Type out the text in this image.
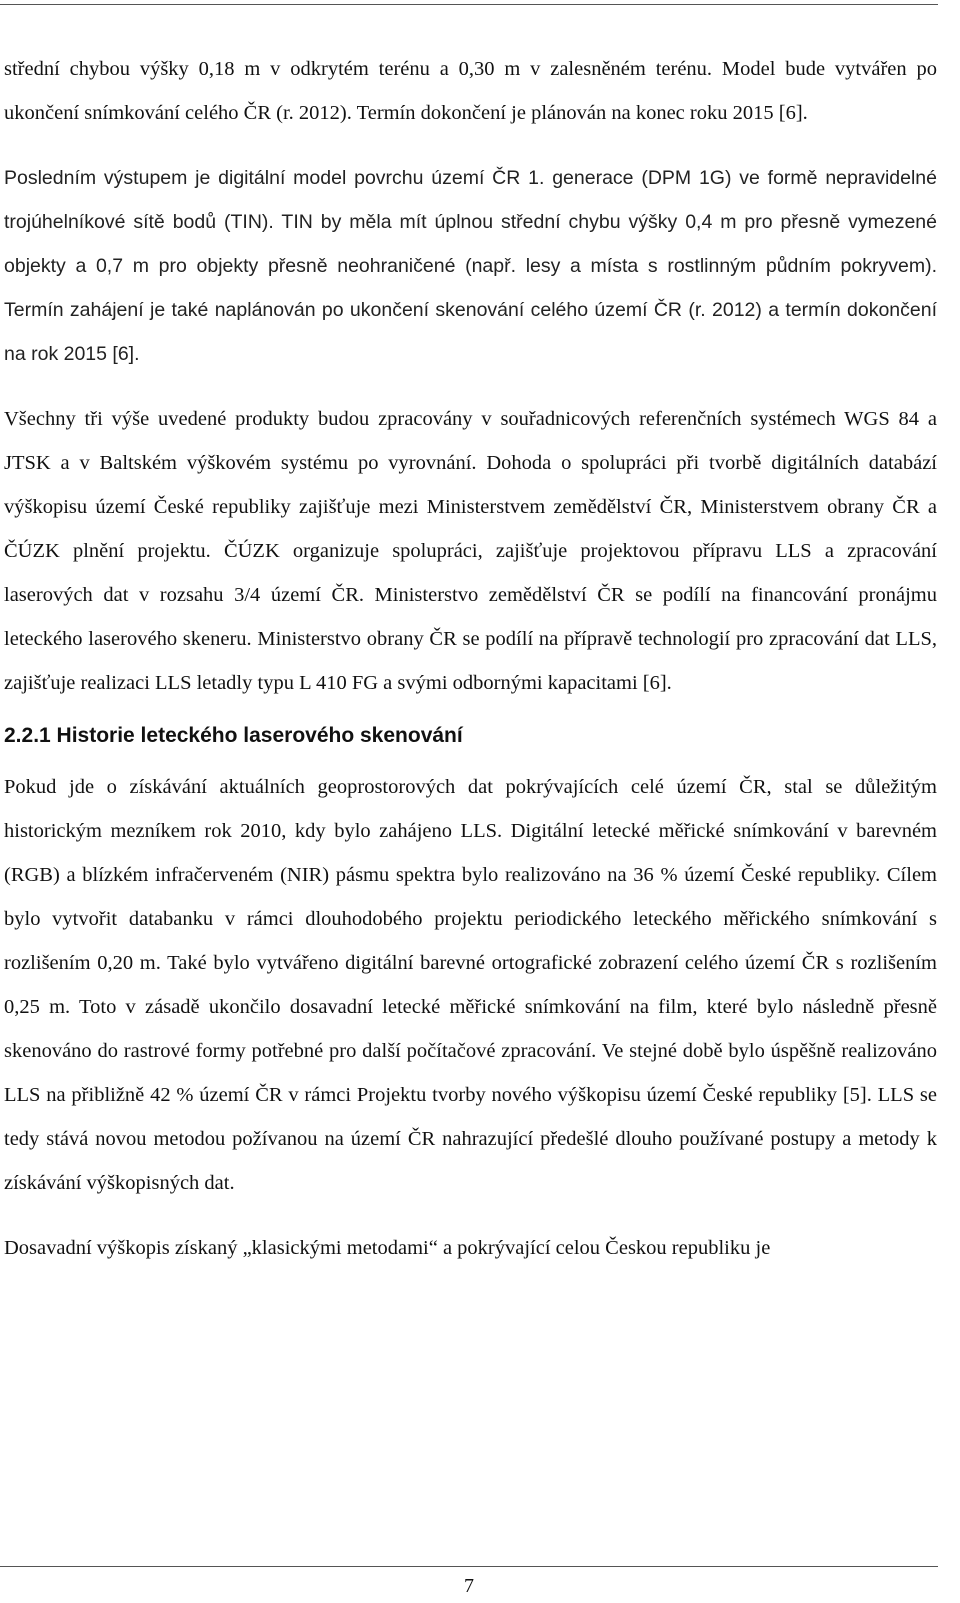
střední chybou výšky 0,18 m v odkrytém terénu a 0,30 m v zalesněném terénu. Model bude vytvářen po ukončení snímkování celého ČR (r. 2012). Termín dokončení je plánován na konec roku 2015 [6].

Posledním výstupem je digitální model povrchu území ČR 1. generace (DPM 1G) ve formě nepravidelné trojúhelníkové sítě bodů (TIN). TIN by měla mít úplnou střední chybu výšky 0,4 m pro přesně vymezené objekty a 0,7 m pro objekty přesně neohraničené (např. lesy a místa s rostlinným půdním pokryvem). Termín zahájení je také naplánován po ukončení skenování celého území ČR (r. 2012) a termín dokončení na rok 2015 [6].

Všechny tři výše uvedené produkty budou zpracovány v souřadnicových referenčních systémech WGS 84 a JTSK a v Baltském výškovém systému po vyrovnání. Dohoda o spolupráci při tvorbě digitálních databází výškopisu území České republiky zajišťuje mezi Ministerstvem zemědělství ČR, Ministerstvem obrany ČR a ČÚZK plnění projektu. ČÚZK organizuje spolupráci, zajišťuje projektovou přípravu LLS a zpracování laserových dat v rozsahu 3/4 území ČR. Ministerstvo zemědělství ČR se podílí na financování pronájmu leteckého laserového skeneru. Ministerstvo obrany ČR se podílí na přípravě technologií pro zpracování dat LLS, zajišťuje realizaci LLS letadly typu L 410 FG a svými odbornými kapacitami [6].

2.2.1 Historie leteckého laserového skenování

Pokud jde o získávání aktuálních geoprostorových dat pokrývajících celé území ČR, stal se důležitým historickým mezníkem rok 2010, kdy bylo zahájeno LLS. Digitální letecké měřické snímkování v barevném (RGB) a blízkém infračerveném (NIR) pásmu spektra bylo realizováno na 36 % území České republiky. Cílem bylo vytvořit databanku v rámci dlouhodobého projektu periodického leteckého měřického snímkování s rozlišením 0,20 m. Také bylo vytvářeno digitální barevné ortografické zobrazení celého území ČR s rozlišením 0,25 m. Toto v zásadě ukončilo dosavadní letecké měřické snímkování na film, které bylo následně přesně skenováno do rastrové formy potřebné pro další počítačové zpracování. Ve stejné době bylo úspěšně realizováno LLS na přibližně 42 % území ČR v rámci Projektu tvorby nového výškopisu území České republiky [5]. LLS se tedy stává novou metodou požívanou na území ČR nahrazující předešlé dlouho používané postupy a metody k získávání výškopisných dat.

Dosavadní výškopis získaný „klasickými metodami“ a pokrývající celou Českou republiku je

7
